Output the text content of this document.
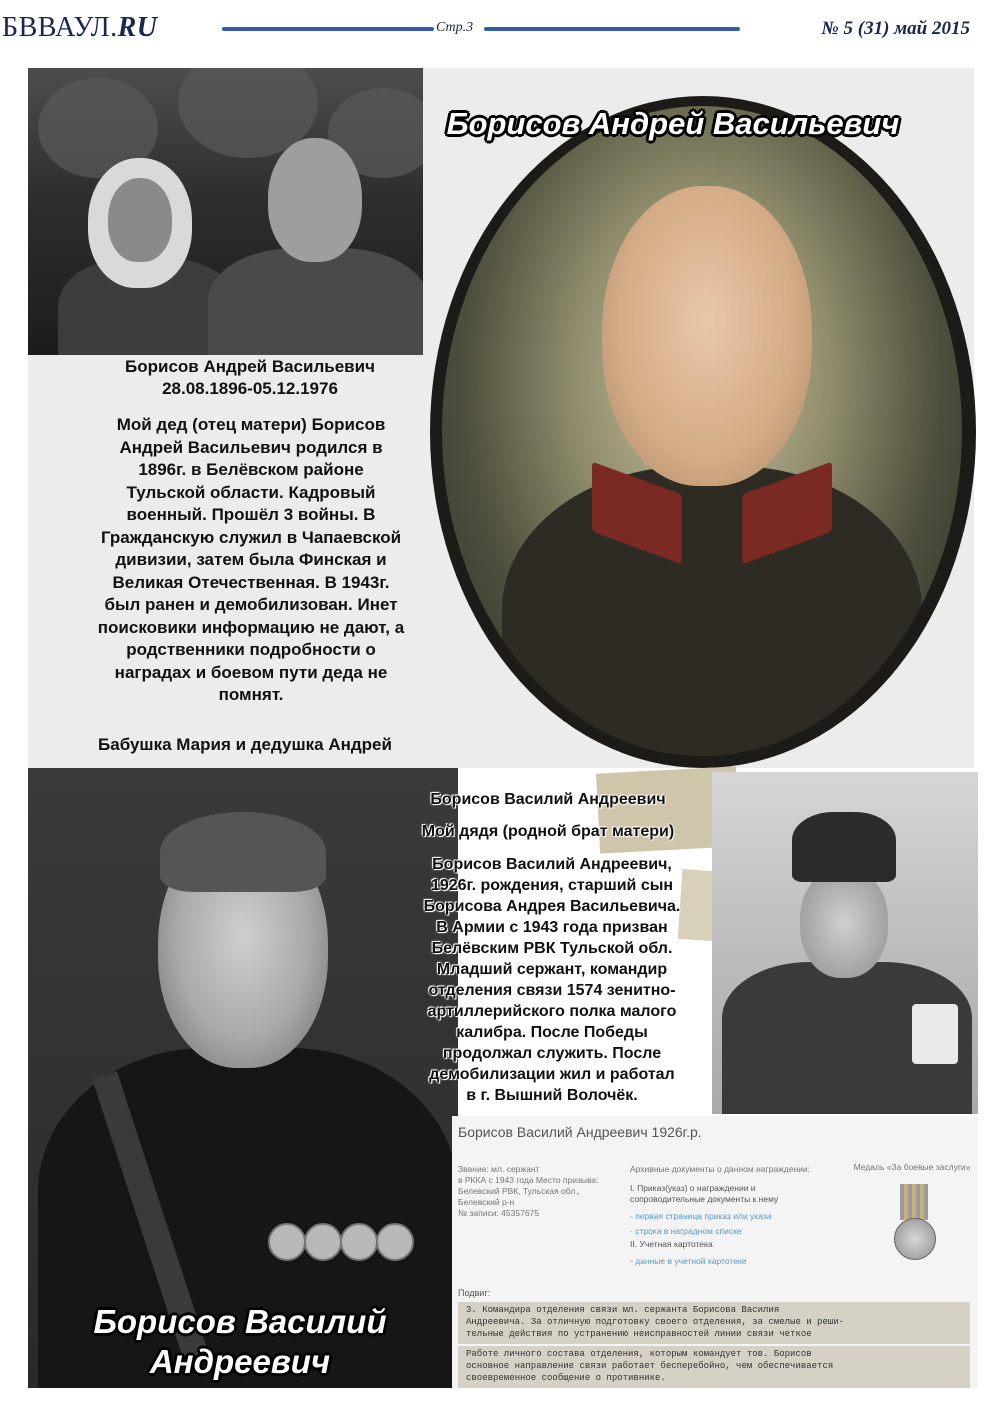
БВВАУЛ.RU	Стр.3	№ 5 (31) май 2015
Борисов Андрей Васильевич
Борисов Андрей Васильевич
28.08.1896-05.12.1976
Мой дед (отец матери) Борисов
Андрей Васильевич родился в
1896г. в Белёвском районе
Тульской области. Кадровый
военный. Прошёл 3 войны. В
Гражданскую служил в Чапаевской
дивизии, затем была Финская и
Великая Отечественная. В 1943г.
был ранен и демобилизован. Инет
поисковики информацию не дают, а
родственники подробности о
наградах и боевом пути деда не
помнят.
Бабушка Мария и дедушка Андрей
Борисов Василий Андреевич
Мой дядя (родной брат матери)
Борисов Василий Андреевич,
1926г. рождения, старший сын
Борисова Андрея Васильевича.
В Армии с 1943 года призван
Белёвским РВК Тульской обл.
Младший сержант, командир
отделения связи 1574 зенитно-
артиллерийского полка малого
калибра. После Победы
продолжал служить. После
демобилизации жил и работал
в г. Вышний Волочёк.
Борисов Василий Андреевич 1926г.р.
Звание: мл. сержант
в РККА с 1943 года Место призыва:
Белевский РВК, Тульская обл.,
Белевский р-н
№ записи: 45357675
Архивные документы о данном награждении:
I. Приказ(указ) о награждении и сопроводительные документы к нему
- первая страница приказ или указа
- строка в наградном списке
II. Учетная картотека
- данные в учетной картотеке
Медаль «За боевые заслуги»
Подвиг:
3. Командира отделения связи мл. сержанта Борисова Василия
Андреевича. За отличную подготовку своего отделения, за смелые и реши-
тельные действия по устранению неисправностей линии связи четкое
Работе личного состава отделения, которым командует тов. Борисов
основное направление связи работает бесперебойно, чем обеспечивается
своевременное сообщение о противнике.
Борисов Василий
Андреевич
